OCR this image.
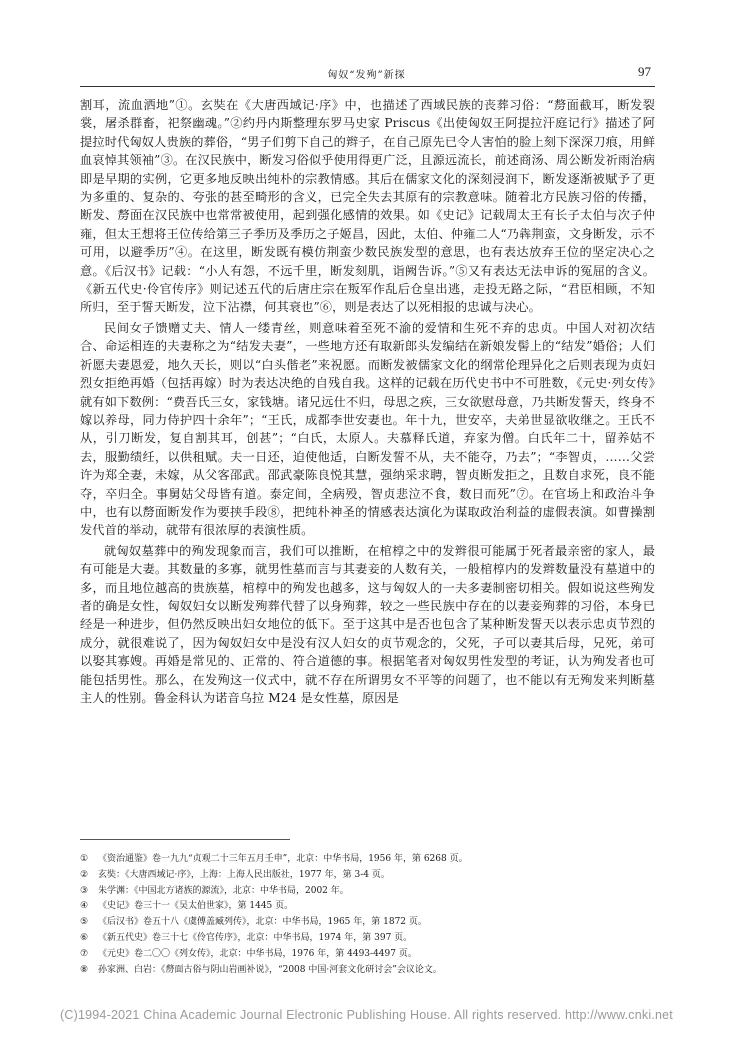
匈奴“发殉”新探	97

割耳，流血洒地”①。玄奘在《大唐西域记·序》中，也描述了西域民族的丧葬习俗：“剺面截耳，断发裂裳，屠杀群畜，祀祭幽魂。”②约丹内斯整理东罗马史家 Priscus《出使匈奴王阿提拉汗庭记行》描述了阿提拉时代匈奴人贵族的葬俗，“男子们剪下自己的辫子，在自己原先已令人害怕的脸上刻下深深刀痕，用鲜血哀悼其领袖”③。在汉民族中，断发习俗似乎使用得更广泛，且源远流长，前述商汤、周公断发祈雨治病即是早期的实例，它更多地反映出纯朴的宗教情感。其后在儒家文化的深刻浸润下，断发逐渐被赋予了更为多重的、复杂的、夸张的甚至畸形的含义，已完全失去其原有的宗教意味。随着北方民族习俗的传播，断发、剺面在汉民族中也常常被使用，起到强化感情的效果。如《史记》记载周太王有长子太伯与次子仲雍，但太王想将王位传给第三子季历及季历之子姬昌，因此，太伯、仲雍二人“乃犇荆蛮，文身断发，示不可用，以避季历”④。在这里，断发既有模仿荆蛮少数民族发型的意思，也有表达放弃王位的坚定决心之意。《后汉书》记载：“小人有怨，不远千里，断发刻肌，诣阙告诉。”⑤又有表达无法申诉的冤屈的含义。《新五代史·伶官传序》则记述五代的后唐庄宗在叛军作乱后仓皇出逃，走投无路之际，“君臣相顾，不知所归，至于誓天断发，泣下沾襟，何其衰也”⑥，则是表达了以死相报的忠诚与决心。

民间女子馈赠丈夫、情人一缕青丝，则意味着至死不渝的爱情和生死不弃的忠贞。中国人对初次结合、命运相连的夫妻称之为“结发夫妻”，一些地方还有取新郎头发编结在新娘发髻上的“结发”婚俗；人们祈愿夫妻恩爱，地久天长，则以“白头偕老”来祝愿。而断发被儒家文化的纲常伦理异化之后则表现为贞妇烈女拒绝再婚（包括再嫁）时为表达决绝的自残自我。这样的记载在历代史书中不可胜数，《元史·列女传》就有如下数例：“费吾氏三女，家钱塘。诸兄远仕不归，母思之疾，三女欲慰母意，乃共断发誓天，终身不嫁以养母，同力侍护四十余年”；“王氏，成都李世安妻也。年十九，世安卒，夫弟世显欲收继之。王氏不从，引刀断发，复自割其耳，创甚”；“白氏，太原人。夫慕释氏道，弃家为僧。白氏年二十，留养姑不去，服勤绩纴，以供租赋。夫一日还，迫使他适，白断发誓不从，夫不能夺，乃去”；“李智贞，……父尝许为郑全妻，未嫁，从父客邵武。邵武豪陈良悦其慧，强纳采求聘，智贞断发拒之，且数自求死，良不能夺，卒归全。事舅姑父母皆有道。泰定间，全病殁，智贞悲泣不食，数日而死”⑦。在官场上和政治斗争中，也有以剺面断发作为要挟手段⑧，把纯朴神圣的情感表达演化为谋取政治利益的虚假表演。如曹操割发代首的举动，就带有很浓厚的表演性质。

就匈奴墓葬中的殉发现象而言，我们可以推断，在棺椁之中的发辫很可能属于死者最亲密的家人，最有可能是大妻。其数量的多寡，就男性墓而言与其妻妾的人数有关，一般棺椁内的发辫数量没有墓道中的多，而且地位越高的贵族墓，棺椁中的殉发也越多，这与匈奴人的一夫多妻制密切相关。假如说这些殉发者的确是女性，匈奴妇女以断发殉葬代替了以身殉葬，较之一些民族中存在的以妻妾殉葬的习俗，本身已经是一种进步，但仍然反映出妇女地位的低下。至于这其中是否也包含了某种断发誓天以表示忠贞节烈的成分，就很难说了，因为匈奴妇女中是没有汉人妇女的贞节观念的，父死，子可以妻其后母，兄死，弟可以娶其寡嫂。再婚是常见的、正常的、符合道德的事。根据笔者对匈奴男性发型的考证，认为殉发者也可能包括男性。那么，在发殉这一仪式中，就不存在所谓男女不平等的问题了，也不能以有无殉发来判断墓主人的性别。鲁金科认为诺音乌拉 M24 是女性墓，原因是

①	《资治通鉴》卷一九九“贞观二十三年五月壬申”，北京：中华书局，1956 年，第 6268 页。
②	玄奘：《大唐西域记·序》，上海：上海人民出版社，1977 年，第 3-4 页。
③	朱学渊：《中国北方诸族的源流》，北京：中华书局，2002 年。
④	《史记》卷三十一《吴太伯世家》，第 1445 页。
⑤	《后汉书》卷五十八《虞傅盖臧列传》，北京：中华书局，1965 年，第 1872 页。
⑥	《新五代史》卷三十七《伶官传序》，北京：中华书局，1974 年，第 397 页。
⑦	《元史》卷二〇〇《列女传》，北京：中华书局，1976 年，第 4493-4497 页。
⑧	孙家洲、白岩：《剺面古俗与阴山岩画补说》，“2008 中国·河套文化研讨会”会议论文。
(C)1994-2021 China Academic Journal Electronic Publishing House. All rights reserved. http://www.cnki.net
